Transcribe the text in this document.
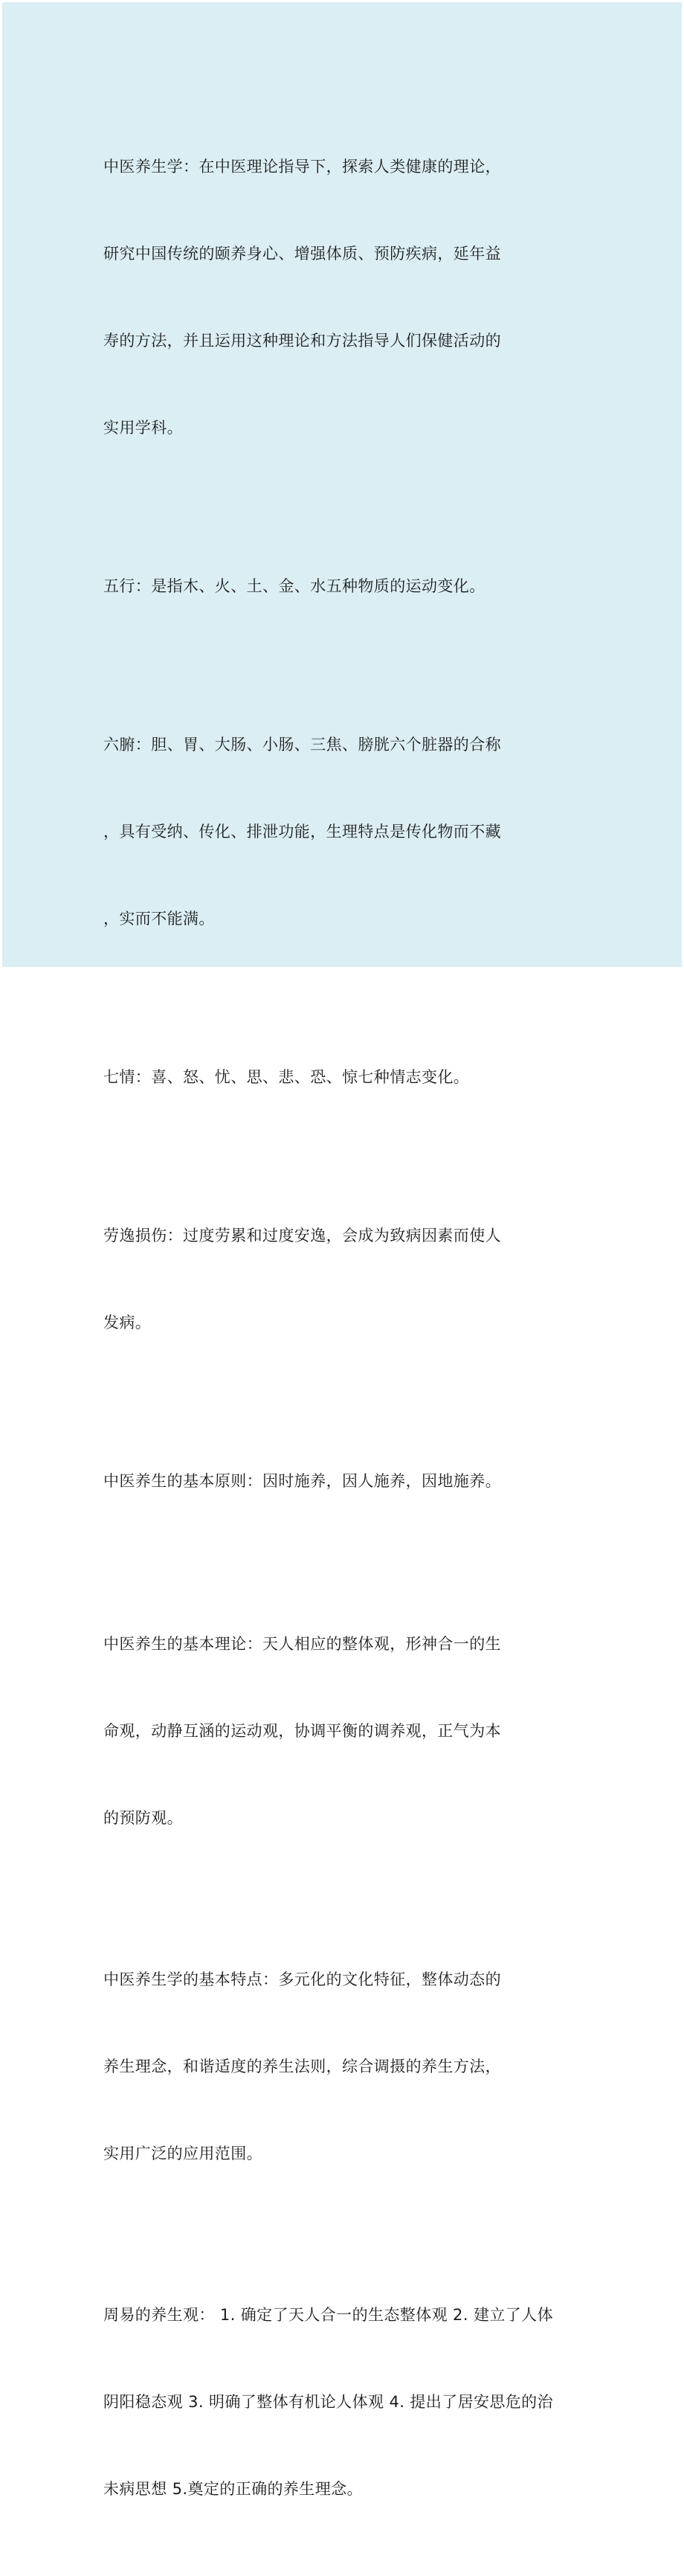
中医养生学：在中医理论指导下，探索人类健康的理论，

研究中国传统的颐养身心、增强体质、预防疾病，延年益

寿的方法，并且运用这种理论和方法指导人们保健活动的

实用学科。

五行：是指木、火、土、金、水五种物质的运动变化。

六腑：胆、胃、大肠、小肠、三焦、膀胱六个脏器的合称

，具有受纳、传化、排泄功能，生理特点是传化物而不藏

，实而不能满。

七情：喜、怒、忧、思、悲、恐、惊七种情志变化。

劳逸损伤：过度劳累和过度安逸，会成为致病因素而使人

发病。

中医养生的基本原则：因时施养，因人施养，因地施养。

中医养生的基本理论：天人相应的整体观，形神合一的生

命观，动静互涵的运动观，协调平衡的调养观，正气为本

的预防观。

中医养生学的基本特点：多元化的文化特征，整体动态的

养生理念，和谐适度的养生法则，综合调摄的养生方法，

实用广泛的应用范围。

周易的养生观： 1. 确定了天人合一的生态整体观 2. 建立了人体

阴阳稳态观 3. 明确了整体有机论人体观 4. 提出了居安思危的治

未病思想 5.奠定的正确的养生理念。
